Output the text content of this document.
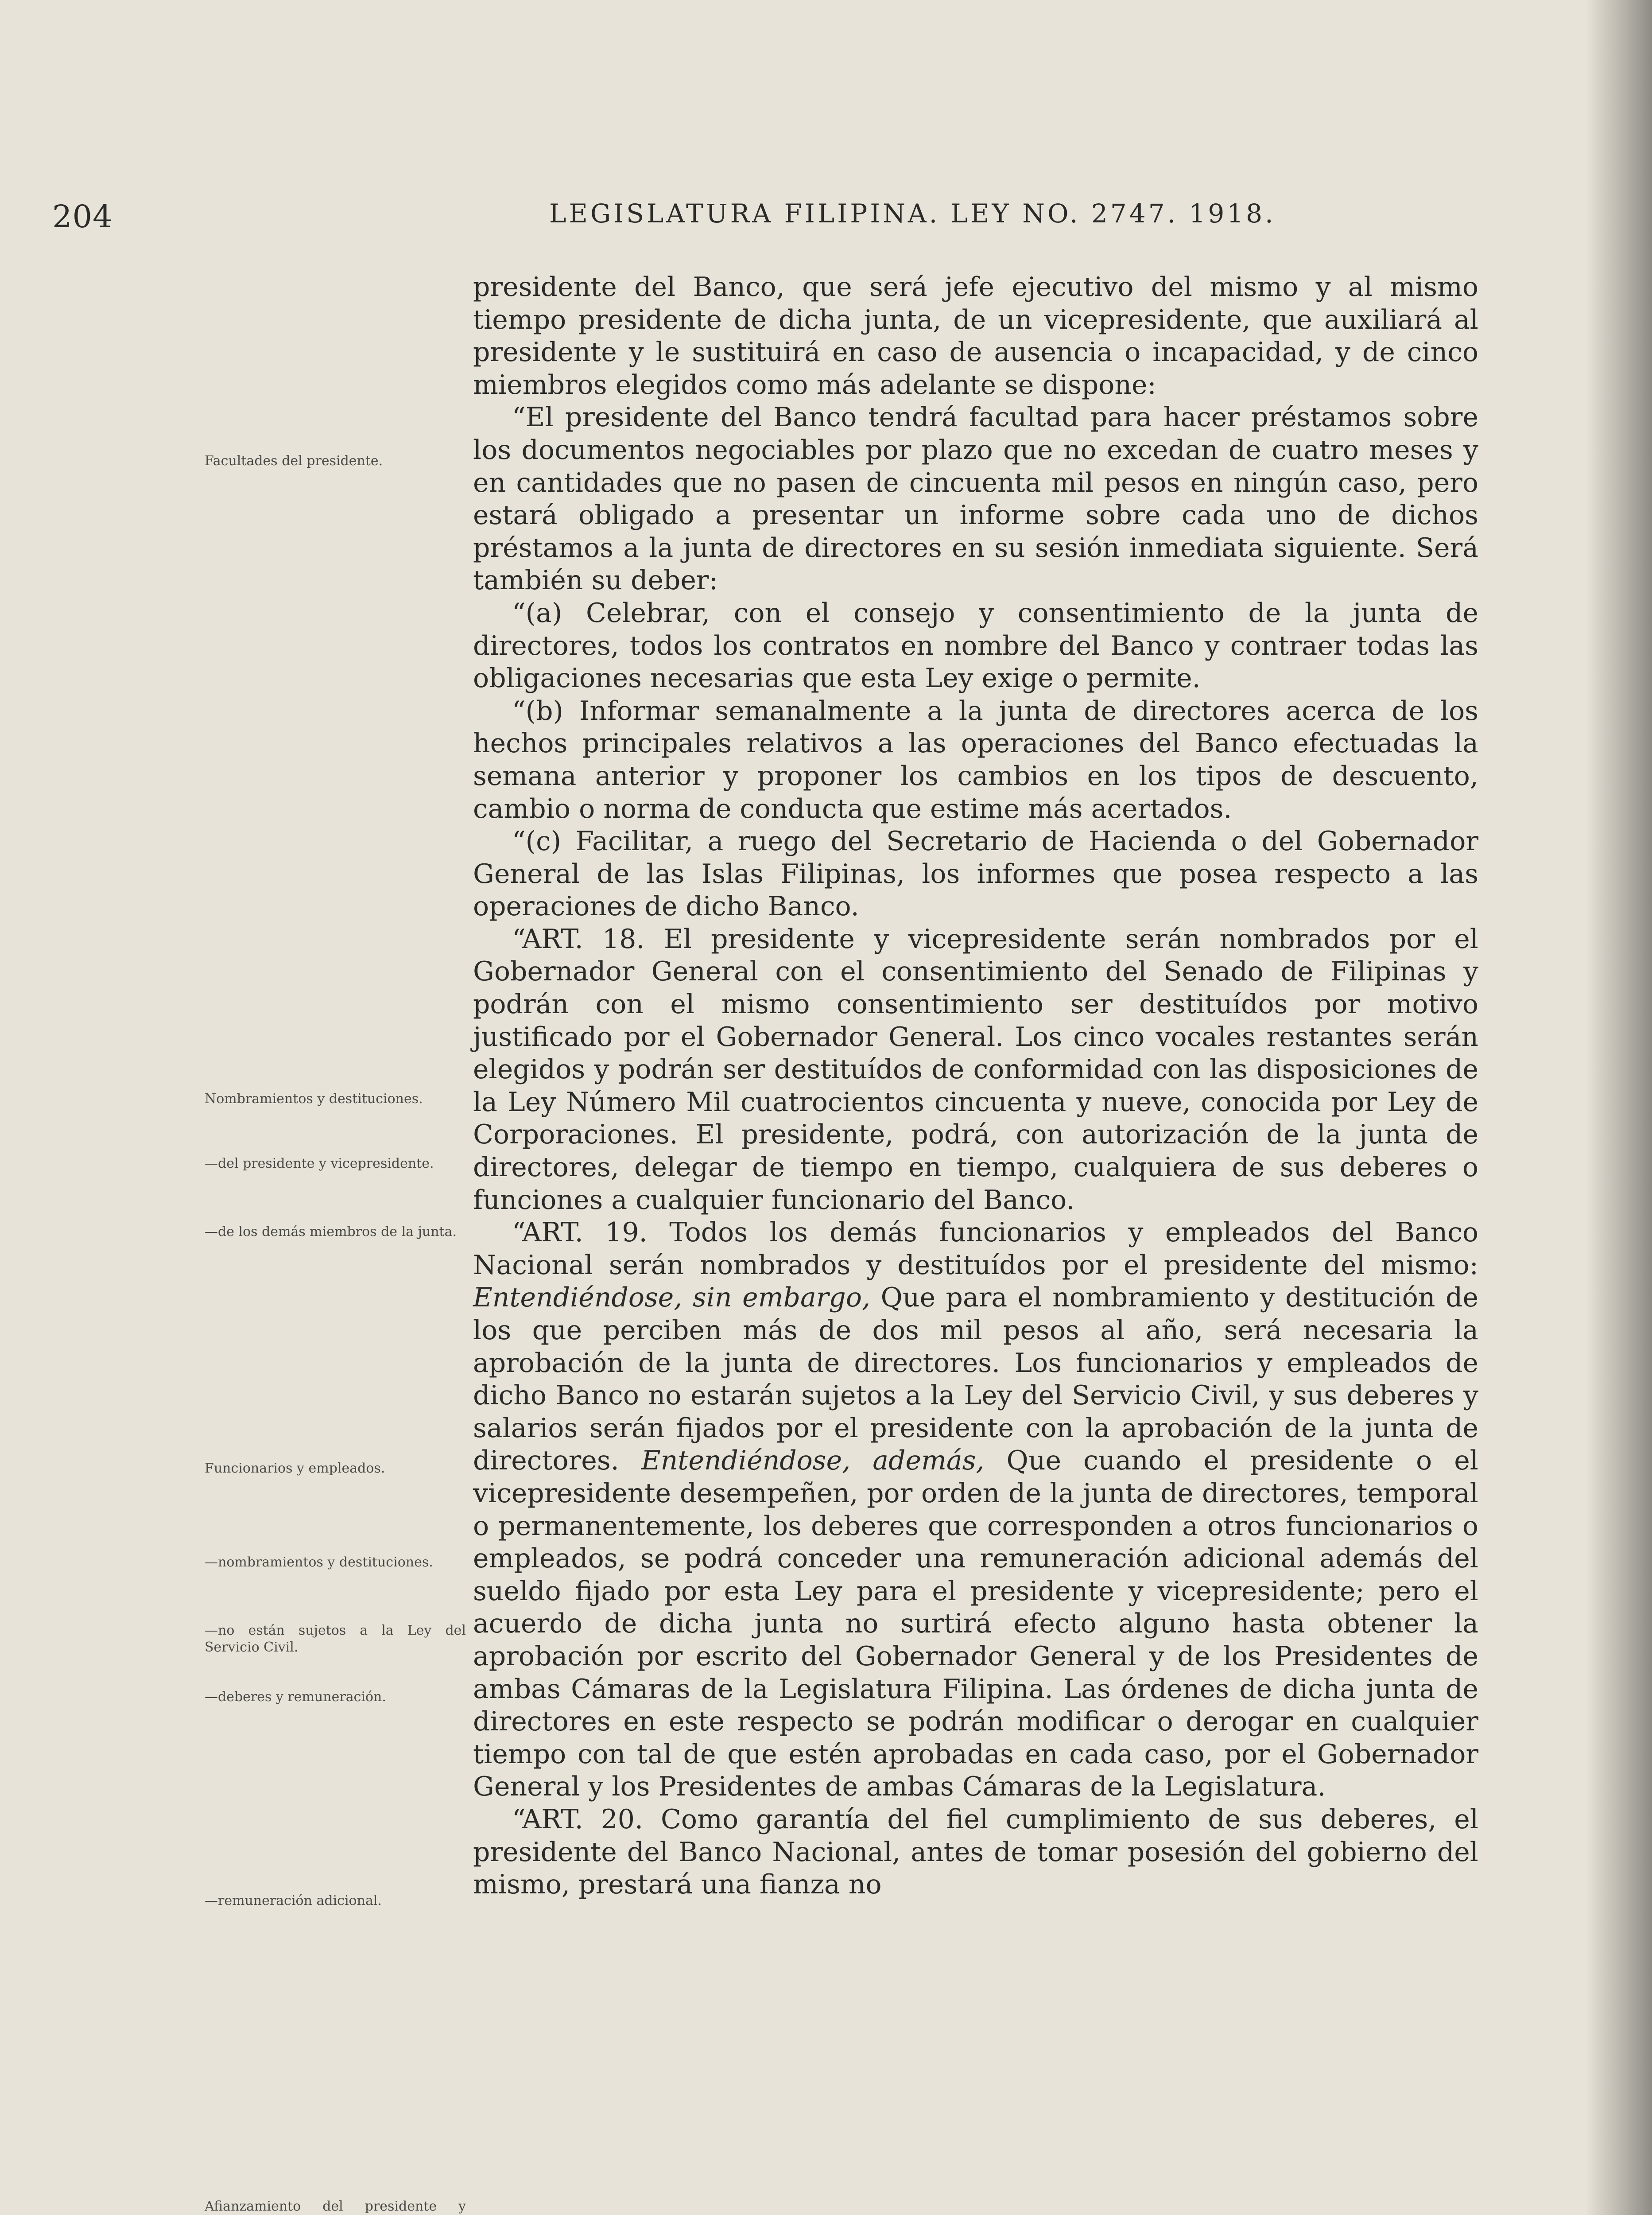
204	LEGISLATURA FILIPINA. LEY NO. 2747. 1918.
Facultades del presidente.
Nombramientos y destituciones.
—del presidente y vicepresidente.
—de los demás miembros de la junta.
Funcionarios y empleados.
—nombramientos y destituciones.
—no están sujetos a la Ley del Servicio Civil.
—deberes y remuneración.
—remuneración adicional.
Afianzamiento del presidente y

presidente del Banco, que será jefe ejecutivo del mismo y al mismo tiempo presidente de dicha junta, de un vicepresidente, que auxiliará al presidente y le sustituirá en caso de ausencia o incapacidad, y de cinco miembros elegidos como más adelante se dispone:

“El presidente del Banco tendrá facultad para hacer préstamos sobre los documentos negociables por plazo que no excedan de cuatro meses y en cantidades que no pasen de cincuenta mil pesos en ningún caso, pero estará obligado a presentar un informe sobre cada uno de dichos préstamos a la junta de directores en su sesión inmediata siguiente. Será también su deber:

“(a) Celebrar, con el consejo y consentimiento de la junta de directores, todos los contratos en nombre del Banco y contraer todas las obligaciones necesarias que esta Ley exige o permite.

“(b) Informar semanalmente a la junta de directores acerca de los hechos principales relativos a las operaciones del Banco efectuadas la semana anterior y proponer los cambios en los tipos de descuento, cambio o norma de conducta que estime más acertados.

“(c) Facilitar, a ruego del Secretario de Hacienda o del Gobernador General de las Islas Filipinas, los informes que posea respecto a las operaciones de dicho Banco.

“ART. 18. El presidente y vicepresidente serán nombrados por el Gobernador General con el consentimiento del Senado de Filipinas y podrán con el mismo consentimiento ser destituídos por motivo justificado por el Gobernador General. Los cinco vocales restantes serán elegidos y podrán ser destituídos de conformidad con las disposiciones de la Ley Número Mil cuatrocientos cincuenta y nueve, conocida por Ley de Corporaciones. El presidente, podrá, con autorización de la junta de directores, delegar de tiempo en tiempo, cualquiera de sus deberes o funciones a cualquier funcionario del Banco.

“ART. 19. Todos los demás funcionarios y empleados del Banco Nacional serán nombrados y destituídos por el presidente del mismo: Entendiéndose, sin embargo, Que para el nombramiento y destitución de los que perciben más de dos mil pesos al año, será necesaria la aprobación de la junta de directores. Los funcionarios y empleados de dicho Banco no estarán sujetos a la Ley del Servicio Civil, y sus deberes y salarios serán fijados por el presidente con la aprobación de la junta de directores. Entendiéndose, además, Que cuando el presidente o el vicepresidente desempeñen, por orden de la junta de directores, temporal o permanentemente, los deberes que corresponden a otros funcionarios o empleados, se podrá conceder una remuneración adicional además del sueldo fijado por esta Ley para el presidente y vicepresidente; pero el acuerdo de dicha junta no surtirá efecto alguno hasta obtener la aprobación por escrito del Gobernador General y de los Presidentes de ambas Cámaras de la Legislatura Filipina. Las órdenes de dicha junta de directores en este respecto se podrán modificar o derogar en cualquier tiempo con tal de que estén aprobadas en cada caso, por el Gobernador General y los Presidentes de ambas Cámaras de la Legislatura.

“ART. 20. Como garantía del fiel cumplimiento de sus deberes, el presidente del Banco Nacional, antes de tomar posesión del gobierno del mismo, prestará una fianza no
